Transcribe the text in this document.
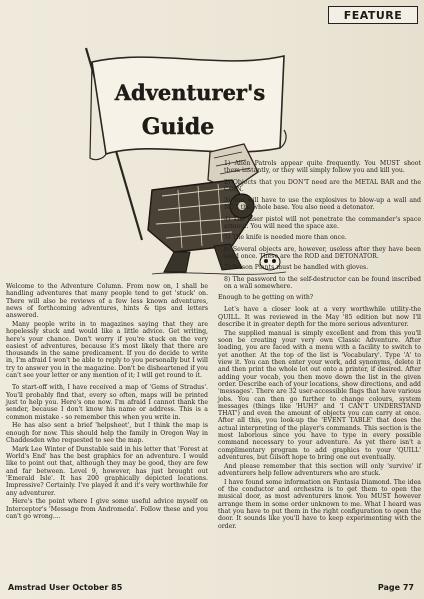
FEATURE
Adventurer's
Guide

Welcome to the Adventure Column. From now on, I shall be handling adventures that many people tend to get 'stuck' on. There will also be reviews of a few less known adventures, news of forthcoming adventures, hints & tips and letters answered.

Many people write in to magazines saying that they are hopelessly stuck and would like a little advice. Get writing, here's your chance. Don't worry if you're stuck on the very easiest of adventures, because it's most likely that there are thousands in the same predicament. If you do decide to write in, I'm afraid I won't be able to reply to you personally but I will try to answer you in the magazine. Don't be disheartened if you can't see your letter or any mention of it; I will get round to it.

To start-off with, I have received a map of 'Gems of Stradus'. You'll probably find that, every so often, maps will be printed just to help you. Here's one now. I'm afraid I cannot thank the sender, because I don't know his name or address. This is a common mistake - so remember this when you write in.

He has also sent a brief 'helpsheet', but I think the map is enough for now. This should help the family in Oregon Way in Chaddesden who requested to see the map.

Mark Lee Winter of Dunstable said in his letter that 'Forest at World's End' has the best graphics for an adventure. I would like to point out that, although they may be good, they are few and far between. Level 9, however, has just brought out 'Emerald Isle'. It has 200 graphically depicted locations. Impressive? Certainly. I've played it and it's very worthwhile for any adventurer.

Here's the point where I give some useful advice myself on Interceptor's 'Message from Andromeda'. Follow these and you can't go wrong....

1) Alien Patrols appear quite frequently. You MUST shoot them instantly, or they will simply follow you and kill you.

2) Objects that you DON'T need are the METAL BAR and the COIN.

3) You will have to use the explosives to blow-up a wall and NOT the whole base. You also need a detonator.

4) The laser pistol will not penetrate the commander's space armour. You will need the space axe.

5) The knife is needed more than once.

6) Several objects are, however, useless after they have been used once. These are the ROD and DETONATOR.

7) Poison Plants must be handled with gloves.

8) The password to the self-destructor can be found inscribed on a wall somewhere.

Enough to be getting on with?

Let's have a closer look at a very worthwhile utility-the QUILL. It was reviewed in the May '85 edition but now I'll describe it in greater depth for the more serious adventurer.

The supplied manual is simply excellent and from this you'll soon be creating your very own Classic Adventure. After loading, you are faced with a menu with a facility to switch to yet another. At the top of the list is 'Vocabulary'. Type 'A' to view it. You can then enter your work, add synonyms, delete it and then print the whole lot out onto a printer, if desired. After adding your vocab, you then move down the list in the given order. Describe each of your locations, show directions, and add 'messages'. There are 32 user-accessible flags that have various jobs. You can then go further to change colours, system messages (things like 'HUH?' and 'I CAN'T UNDERSTAND THAT') and even the amount of objects you can carry at once. After all this, you look-up the 'EVENT TABLE' that does the actual interpreting of the player's commands. This section is the most laborious since you have to type in every possible command necessary to your adventure. As yet there isn't a complimentary program to add graphics to your 'QUILL' adventures, but Gilsoft hope to bring one out eventually.

And please remember that this section will only 'survive' if adventurers help fellow adventurers who are stuck.

I have found some information on Fantasia Diamond. The idea of the conductor and orchestra is to get them to open the musical door, as most adventurers know. You MUST however arrange them in some order unknown to me. What I heard was that you have to put them in the right configuration to open the door. It sounds like you'll have to keep experimenting with the order.

Amstrad User October 85	Page 77
